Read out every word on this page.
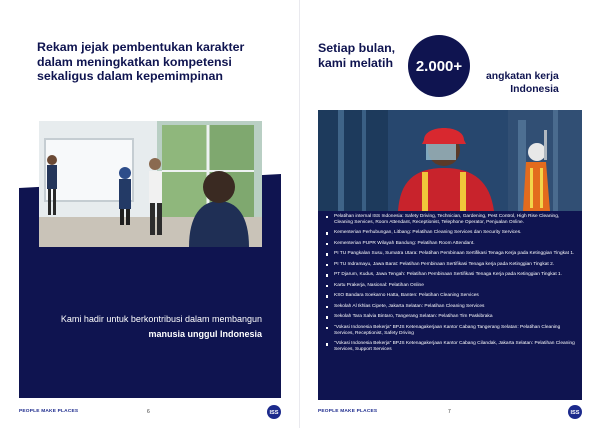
Rekam jejak pembentukan karakter
dalam meningkatkan kompetensi
sekaligus dalam kepemimpinan
Kami hadir untuk berkontribusi dalam membangun
manusia unggul Indonesia
PEOPLE MAKE PLACES	6	ISS
Setiap bulan,
kami melatih	2.000+
angkatan kerja
Indonesia
Pelatihan internal ISS Indonesia: Safety Driving, Technician, Gardening, Pest Control, High Rise Cleaning, Cleaning Services, Room Attendant, Receptionist, Telephone Operator, Penjualan Online.
Kementerian Perhubungan, Litbang: Pelatihan Cleaning Services dan Security Services.
Kementerian PUPR Wilayah Bandung: Pelatihan Room Attendant.
PI TU Pangkalan Susu, Sumatra Utara: Pelatihan Pembinaan Sertifikasi Tenaga Kerja pada Ketinggian Tingkat 1.
PI TU Indramayu, Jawa Barat: Pelatihan Pembinaan Sertifikasi Tenaga kerja pada Ketinggian Tingkat 2.
PT Djarum, Kudus, Jawa Tengah: Pelatihan Pembinaan Sertifikasi Tenaga Kerja pada Ketinggian Tingkat 1.
Kartu Prakerja, Nasional: Pelatihan Online
KSO Bandara Soekarno Hatta, Banten: Pelatihan Cleaning Services
Sekolah Al Ikhlas Cipete, Jakarta Selatan: Pelatihan Cleaning Services
Sekolah Tara Salvia Bintaro, Tangerang Selatan: Pelatihan Tim Paskibraka
"Vokasi Indonesia Bekerja" BPJS Ketenagakerjaan Kantor Cabang Tangerang Selatan: Pelatihan Cleaning Services, Receptionist, Safety Driving
"Vokasi Indonesia Bekerja" BPJS Ketenagakerjaan Kantor Cabang Cilandak, Jakarta Selatan: Pelatihan Cleaning Services, Support Services
PEOPLE MAKE PLACES	7	ISS
